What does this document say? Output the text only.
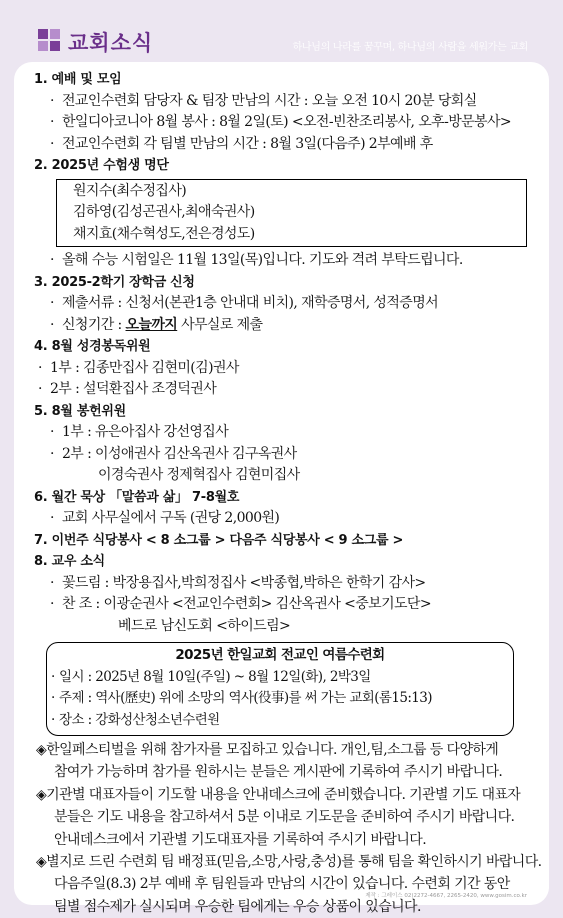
교회소식	하나님의 나라를 꿈꾸며, 하나님의 사람을 세워가는 교회
1. 예배 및 모임
· 전교인수련회 담당자 & 팀장 만남의 시간 : 오늘 오전 10시 20분 당회실
· 한일디아코니아 8월 봉사 : 8월 2일(토) <오전-빈찬조리봉사, 오후-방문봉사>
· 전교인수련회 각 팀별 만남의 시간 : 8월 3일(다음주) 2부예배 후
2. 2025년 수험생 명단
원지수(최수정집사)
김하영(김성곤권사,최애숙권사)
채지효(채수혁성도,전은경성도)
· 올해 수능 시험일은 11월 13일(목)입니다. 기도와 격려 부탁드립니다.
3. 2025-2학기 장학금 신청
· 제출서류 : 신청서(본관1층 안내대 비치), 재학증명서, 성적증명서
· 신청기간 : 오늘까지 사무실로 제출
4. 8월 성경봉독위원
· 1부 : 김종만집사 김현미(김)권사
· 2부 : 설덕환집사 조경덕권사
5. 8월 봉헌위원
· 1부 : 유은아집사 강선영집사
· 2부 : 이성애권사 김산옥권사 김구옥권사
이경숙권사 정제혁집사 김현미집사
6. 월간 묵상 「말씀과 삶」 7-8월호
· 교회 사무실에서 구독 (권당 2,000원)
7. 이번주 식당봉사 < 8 소그룹 > 다음주 식당봉사 < 9 소그룹 >
8. 교우 소식
· 꽃드림 : 박장용집사,박희정집사 <박종협,박하은 한학기 감사>
· 찬 조 : 이광순권사 <전교인수련회> 김산옥권사 <중보기도단>
베드로 남신도회 <하이드림>
2025년 한일교회 전교인 여름수련회
· 일시 : 2025년 8월 10일(주일) ~ 8월 12일(화), 2박3일
· 주제 : 역사(歷史) 위에 소망의 역사(役事)를 써 가는 교회(롬15:13)
· 장소 : 강화성산청소년수련원
◈한일페스티벌을 위해 참가자를 모집하고 있습니다. 개인,팀,소그룹 등 다양하게
참여가 가능하며 참가를 원하시는 분들은 게시판에 기록하여 주시기 바랍니다.
◈기관별 대표자들이 기도할 내용을 안내데스크에 준비했습니다. 기관별 기도 대표자
분들은 기도 내용을 참고하셔서 5분 이내로 기도문을 준비하여 주시기 바랍니다.
안내데스크에서 기관별 기도대표자를 기록하여 주시기 바랍니다.
◈별지로 드린 수련회 팀 배정표(믿음,소망,사랑,충성)를 통해 팀을 확인하시기 바랍니다.
다음주일(8.3) 2부 예배 후 팀원들과 만남의 시간이 있습니다. 수련회 기간 동안
팀별 점수제가 실시되며 우승한 팀에게는 우승 상품이 있습니다.
제작 : 그레이스 02)2272-4667, 2265-2420, www.gosim.co.kr
